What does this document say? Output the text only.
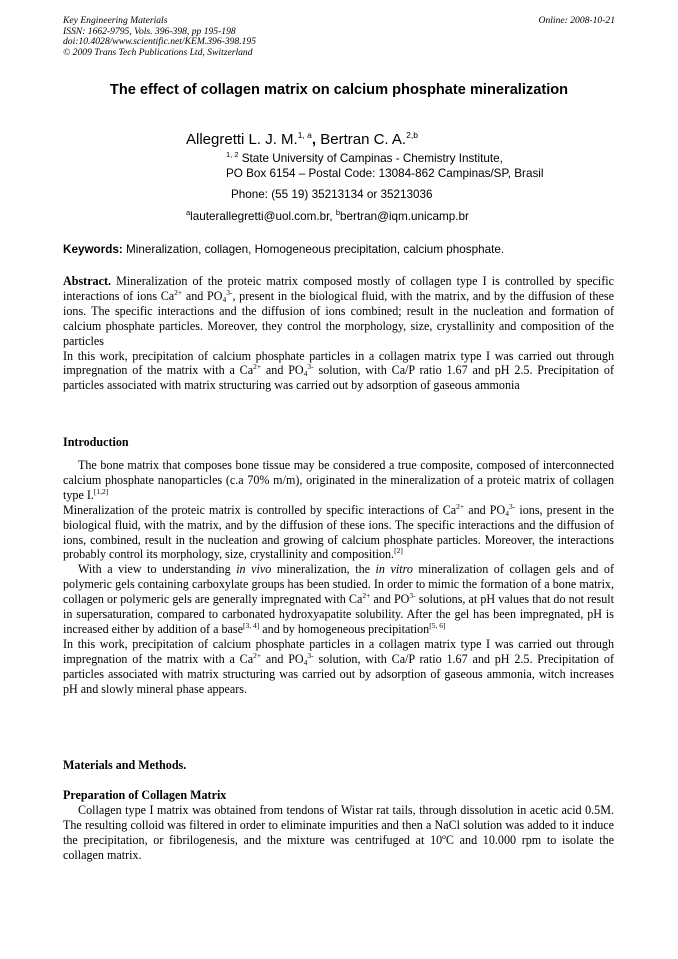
Key Engineering Materials
ISSN: 1662-9795, Vols. 396-398, pp 195-198
doi:10.4028/www.scientific.net/KEM.396-398.195
© 2009 Trans Tech Publications Ltd, Switzerland
Online: 2008-10-21
The effect of collagen matrix on calcium phosphate mineralization
Allegretti L. J. M.$^{1, a}$, Bertran C. A.$^{2,b}$
$^{1, 2}$ State University of Campinas - Chemistry Institute,
PO Box 6154 – Postal Code: 13084-862 Campinas/SP, Brasil
Phone: (55 19) 35213134 or 35213036
$^a$lauterallegretti@uol.com.br, $^b$bertran@iqm.unicamp.br
Keywords: Mineralization, collagen, Homogeneous precipitation, calcium phosphate.

Abstract. Mineralization of the proteic matrix composed mostly of collagen type I is controlled by specific interactions of ions $Ca^{2+}$ and $PO_4^{3-}$, present in the biological fluid, with the matrix, and by the diffusion of these ions. The specific interactions and the diffusion of ions combined; result in the nucleation and formation of calcium phosphate particles. Moreover, they control the morphology, size, crystallinity and composition of the particles

In this work, precipitation of calcium phosphate particles in a collagen matrix type I was carried out through impregnation of the matrix with a $Ca^{2+}$ and $PO_4^{3-}$ solution, with Ca/P ratio 1.67 and pH 2.5. Precipitation of particles associated with matrix structuring was carried out by adsorption of gaseous ammonia

Introduction

The bone matrix that composes bone tissue may be considered a true composite, composed of interconnected calcium phosphate nanoparticles (c.a 70% m/m), originated in the mineralization of a proteic matrix of collagen type I.[1,2]

Mineralization of the proteic matrix is controlled by specific interactions of $Ca^{2+}$ and $PO_4^{3-}$ ions, present in the biological fluid, with the matrix, and by the diffusion of these ions. The specific interactions and the diffusion of ions, combined, result in the nucleation and growing of calcium phosphate particles. Moreover, the interactions probably control its morphology, size, crystallinity and composition.[2]

With a view to understanding in vivo mineralization, the in vitro mineralization of collagen gels and of polymeric gels containing carboxylate groups has been studied. In order to mimic the formation of a bone matrix, collagen or polymeric gels are generally impregnated with $Ca^{2+}$ and $PO^{3-}$ solutions, at pH values that do not result in supersaturation, compared to carbonated hydroxyapatite solubility. After the gel has been impregnated, pH is increased either by addition of a base[3, 4] and by homogeneous precipitation[5, 6]

In this work, precipitation of calcium phosphate particles in a collagen matrix type I was carried out through impregnation of the matrix with a $Ca^{2+}$ and $PO_4^{3-}$ solution, with Ca/P ratio 1.67 and pH 2.5. Precipitation of particles associated with matrix structuring was carried out by adsorption of gaseous ammonia, witch increases pH and slowly mineral phase appears.

Materials and Methods.
Preparation of Collagen Matrix

Collagen type I matrix was obtained from tendons of Wistar rat tails, through dissolution in acetic acid 0.5M. The resulting colloid was filtered in order to eliminate impurities and then a NaCl solution was added to it induce the precipitation, or fibrilogenesis, and the mixture was centrifuged at 10ºC and 10.000 rpm to isolate the collagen matrix.
